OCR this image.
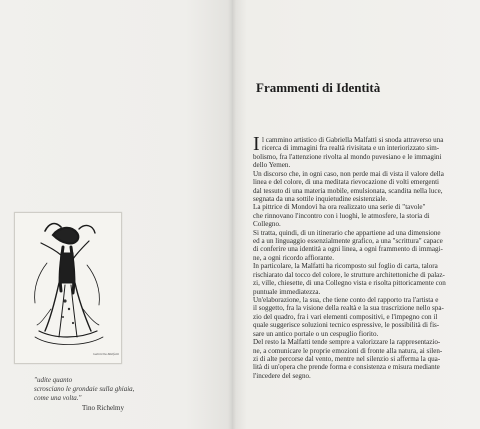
Gabriella Malfatti
"udite quanto
scrosciano le grondaie sulla ghiaia,
come una volta."
Tino Richelmy
Frammenti di Identità
I l cammino artistico di Gabriella Malfatti si snoda attraverso una
ricerca di immagini fra realtà rivisitata e un interiorizzato sim-
bolismo, fra l'attenzione rivolta al mondo puvesiano e le immagini
dello Yemen.
Un discorso che, in ogni caso, non perde mai di vista il valore della
linea e del colore, di una meditata rievocazione di volti emergenti
dal tessuto di una materia mobile, emulsionata, scandita nella luce,
segnata da una sottile inquietudine esistenziale.
La pittrice di Mondovì ha ora realizzato una serie di "tavole"
che rinnovano l'incontro con i luoghi, le atmosfere, la storia di
Collegno.
Si tratta, quindi, di un itinerario che appartiene ad una dimensione
ed a un linguaggio essenzialmente grafico, a una "scrittura" capace
di conferire una identità a ogni linea, a ogni frammento di immagi-
ne, a ogni ricordo affiorante.
In particolare, la Malfatti ha ricomposto sul foglio di carta, talora
rischiarato dal tocco del colore, le strutture architettoniche di palaz-
zi, ville, chiesette, di una Collegno vista e risolta pittoricamente con
puntuale immediatezza.
Un'elaborazione, la sua, che tiene conto del rapporto tra l'artista e
il soggetto, fra la visione della realtà e la sua trascrizione nello spa-
zio del quadro, fra i vari elementi compositivi, e l'impegno con il
quale suggerisce soluzioni tecnico espressive, le possibilità di fis-
sare un antico portale o un cespuglio fiorito.
Del resto la Malfatti tende sempre a valorizzare la rappresentazio-
ne, a comunicare le proprie emozioni di fronte alla natura, ai silen-
zi di alte percorse dal vento, mentre nel silenzio si afferma la qua-
lità di un'opera che prende forma e consistenza e misura mediante
l'incedere del segno.
